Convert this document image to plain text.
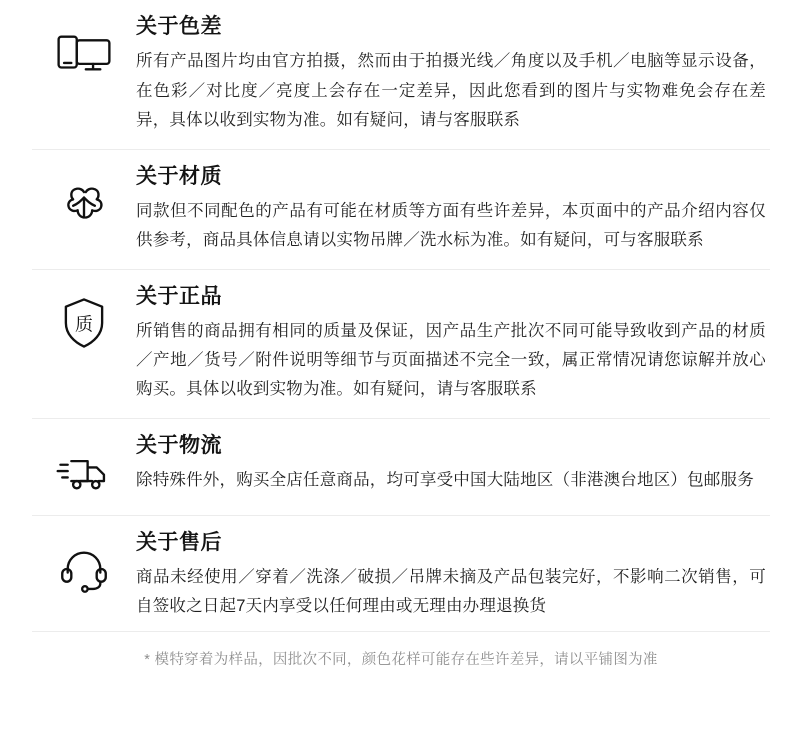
关于色差

所有产品图片均由官方拍摄，然而由于拍摄光线／角度以及手机／电脑等显示设备，在色彩／对比度／亮度上会存在一定差异，因此您看到的图片与实物难免会存在差异，具体以收到实物为准。如有疑问，请与客服联系

关于材质

同款但不同配色的产品有可能在材质等方面有些许差异，本页面中的产品介绍内容仅供参考，商品具体信息请以实物吊牌／洗水标为准。如有疑问，可与客服联系

质
关于正品

所销售的商品拥有相同的质量及保证，因产品生产批次不同可能导致收到产品的材质／产地／货号／附件说明等细节与页面描述不完全一致，属正常情况请您谅解并放心购买。具体以收到实物为准。如有疑问，请与客服联系

关于物流

除特殊件外，购买全店任意商品，均可享受中国大陆地区（非港澳台地区）包邮服务

关于售后

商品未经使用／穿着／洗涤／破损／吊牌未摘及产品包装完好，不影响二次销售，可自签收之日起7天内享受以任何理由或无理由办理退换货

* 模特穿着为样品，因批次不同，颜色花样可能存在些许差异，请以平铺图为准
